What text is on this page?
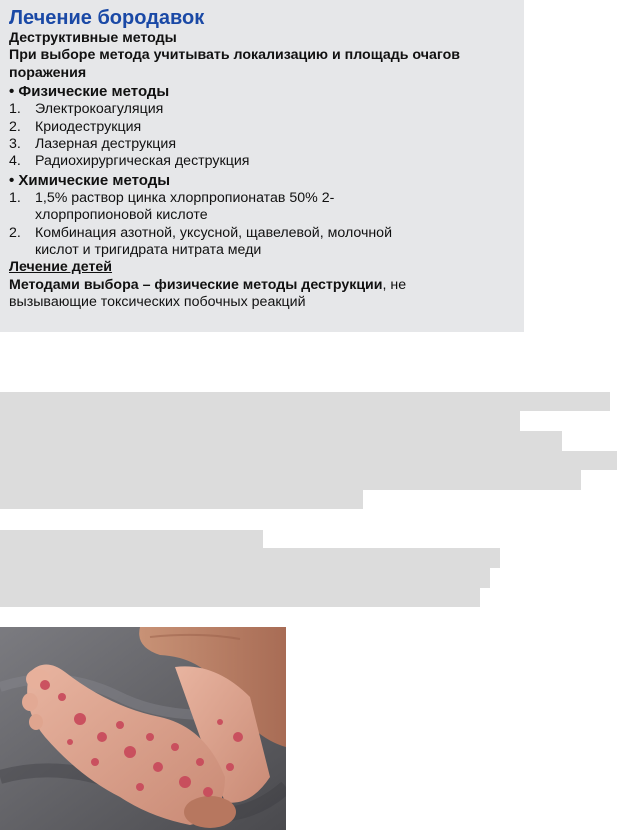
Лечение бородавок
Деструктивные методы
При выборе метода учитывать локализацию и площадь очагов
поражения
• Физические методы
1. Электрокоагуляция
2. Криодеструкция
3. Лазерная деструкция
4. Радиохирургическая деструкция
• Химические методы
1. 1,5% раствор цинка хлорпропионатав 50% 2-
хлорпропионовой кислоте
2. Комбинация азотной, уксусной, щавелевой, молочной
кислот и тригидрата нитрата меди
Лечение детей
Методами выбора – физические методы деструкции, не
вызывающие токсических побочных реакций
